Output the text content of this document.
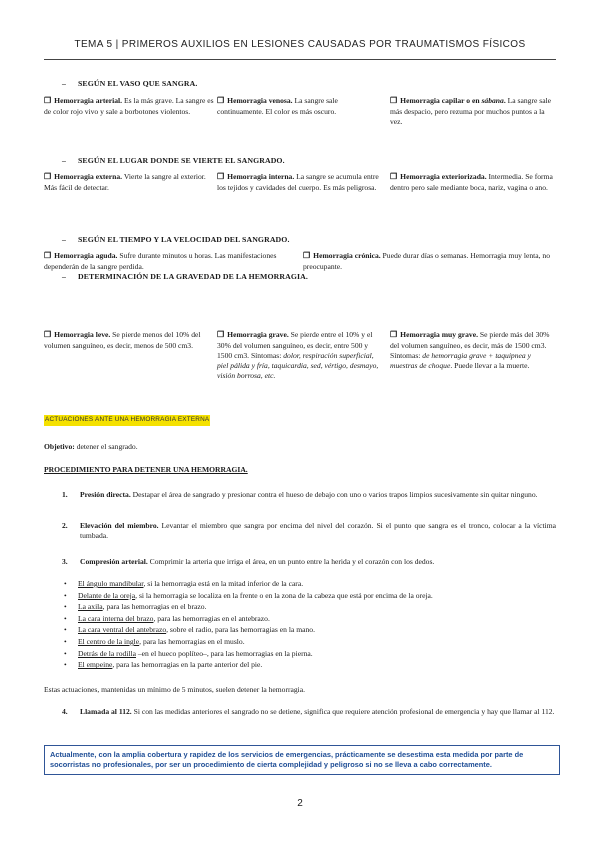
TEMA 5 | PRIMEROS AUXILIOS EN LESIONES CAUSADAS POR TRAUMATISMOS FÍSICOS
– SEGÚN EL VASO QUE SANGRA.
❒ Hemorragia arterial. Es la más grave. La sangre es de color rojo vivo y sale a borbotones violentos.
❒ Hemorragia venosa. La sangre sale continuamente. El color es más oscuro.
❒ Hemorragia capilar o en sábana. La sangre sale más despacio, pero rezuma por muchos puntos a la vez.
– SEGÚN EL LUGAR DONDE SE VIERTE EL SANGRADO.
❒ Hemorragia externa. Vierte la sangre al exterior. Más fácil de detectar.
❒ Hemorragia interna. La sangre se acumula entre los tejidos y cavidades del cuerpo. Es más peligrosa.
❒ Hemorragia exteriorizada. Intermedia. Se forma dentro pero sale mediante boca, nariz, vagina o ano.
– SEGÚN EL TIEMPO Y LA VELOCIDAD DEL SANGRADO.
❒ Hemorragia aguda. Sufre durante minutos u horas. Las manifestaciones dependerán de la sangre perdida.
❒ Hemorragia crónica. Puede durar días o semanas. Hemorragia muy lenta, no preocupante.
– DETERMINACIÓN DE LA GRAVEDAD DE LA HEMORRAGIA.
❒ Hemorragia leve. Se pierde menos del 10% del volumen sanguíneo, es decir, menos de 500 cm3.
❒ Hemorragia grave. Se pierde entre el 10% y el 30% del volumen sanguíneo, es decir, entre 500 y 1500 cm3. Síntomas: dolor, respiración superficial, piel pálida y fría, taquicardia, sed, vértigo, desmayo, visión borrosa, etc.
❒ Hemorragia muy grave. Se pierde más del 30% del volumen sanguíneo, es decir, más de 1500 cm3. Síntomas: de hemorragia grave + taquipnea y muestras de choque. Puede llevar a la muerte.
ACTUACIONES ANTE UNA HEMORRAGIA EXTERNA
Objetivo: detener el sangrado.
PROCEDIMIENTO PARA DETENER UNA HEMORRAGIA.
1. Presión directa. Destapar el área de sangrado y presionar contra el hueso de debajo con uno o varios trapos limpios sucesivamente sin quitar ninguno.
2. Elevación del miembro. Levantar el miembro que sangra por encima del nivel del corazón. Si el punto que sangra es el tronco, colocar a la víctima tumbada.
3. Compresión arterial. Comprimir la arteria que irriga el área, en un punto entre la herida y el corazón con los dedos.
• El ángulo mandibular, si la hemorragia está en la mitad inferior de la cara.
• Delante de la oreja, si la hemorragia se localiza en la frente o en la zona de la cabeza que está por encima de la oreja.
• La axila, para las hemorragias en el brazo.
• La cara interna del brazo, para las hemorragias en el antebrazo.
• La cara ventral del antebrazo, sobre el radio, para las hemorragias en la mano.
• El centro de la ingle, para las hemorragias en el muslo.
• Detrás de la rodilla –en el hueco poplíteo–, para las hemorragias en la pierna.
• El empeine, para las hemorragias en la parte anterior del pie.
Estas actuaciones, mantenidas un mínimo de 5 minutos, suelen detener la hemorragia.
4. Llamada al 112. Si con las medidas anteriores el sangrado no se detiene, significa que requiere atención profesional de emergencia y hay que llamar al 112.
Actualmente, con la amplia cobertura y rapidez de los servicios de emergencias, prácticamente se desestima esta medida por parte de socorristas no profesionales, por ser un procedimiento de cierta complejidad y peligroso si no se lleva a cabo correctamente.
2
